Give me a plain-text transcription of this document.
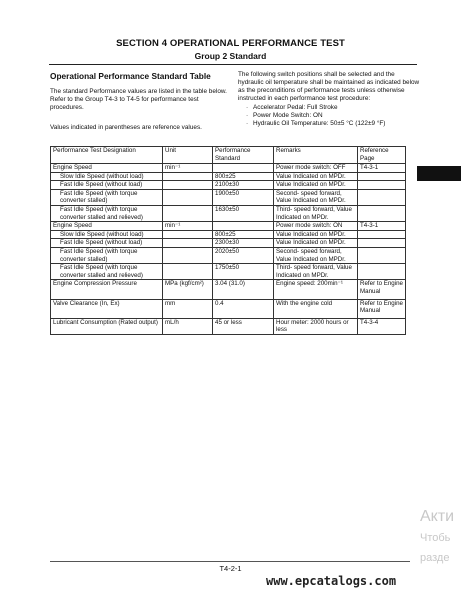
SECTION 4 OPERATIONAL PERFORMANCE TEST
Group 2 Standard
Operational Performance Standard Table
The standard Performance values are listed in the table below.
Refer to the Group T4-3 to T4-5 for performance test procedures.
Values indicated in parentheses are reference values.
The following switch positions shall be selected and the hydraulic oil temperature shall be maintained as indicated below as the preconditions of performance tests unless otherwise instructed in each performance test procedure:
· Accelerator Pedal: Full Stroke
· Power Mode Switch: ON
· Hydraulic Oil Temperature: 50±5 °C (122±9 °F)
Performance Test Designation	Unit	Performance Standard	Remarks	Reference Page
Engine Speed	min⁻¹		Power mode switch: OFF	T4-3-1
Slow Idle Speed (without load)		800±25	Value Indicated on MPDr.	
Fast Idle Speed (without load)		2100±30	Value Indicated on MPDr.	
Fast Idle Speed (with torque converter stalled)		1900±50	Second- speed forward, Value Indicated on MPDr.	
Fast Idle Speed (with torque converter stalled and relieved)		1630±50	Third- speed forward, Value Indicated on MPDr.	
Engine Speed	min⁻¹		Power mode switch: ON	T4-3-1
Slow Idle Speed (without load)		800±25	Value Indicated on MPDr.	
Fast Idle Speed (without load)		2300±30	Value Indicated on MPDr.	
Fast Idle Speed (with torque converter stalled)		2020±50	Second- speed forward, Value Indicated on MPDr.	
Fast Idle Speed (with torque converter stalled and relieved)		1750±50	Third- speed forward, Value Indicated on MPDr.	
Engine Compression Pressure	MPa (kgf/cm²)	3.04 (31.0)	Engine speed: 200min⁻¹	Refer to Engine Manual
Valve Clearance (In, Ex)	mm	0.4	With the engine cold	Refer to Engine Manual
Lubricant Consumption (Rated output)	mL/h	45 or less	Hour meter: 2000 hours or less	T4-3-4
T4-2-1
www.epcatalogs.com
Акти
Чтобь
разде
